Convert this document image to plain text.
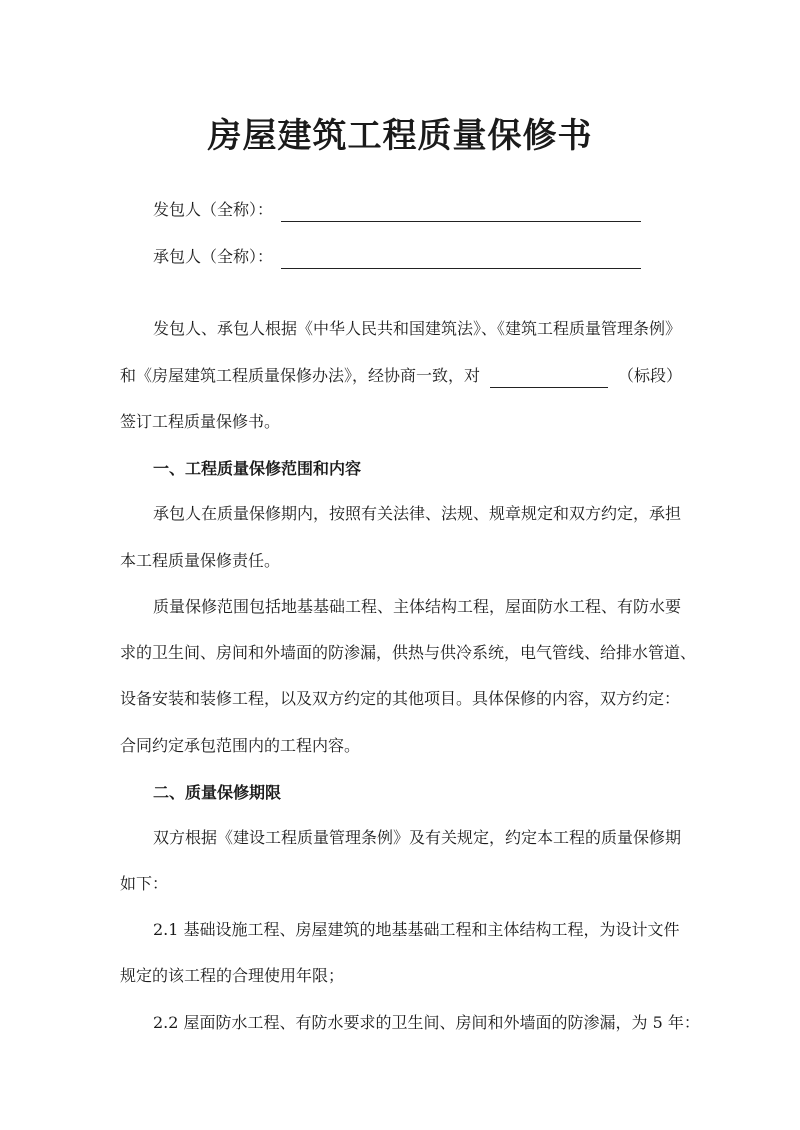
房屋建筑工程质量保修书
发包人（全称）：
承包人（全称）：
发包人、承包人根据《中华人民共和国建筑法》、《建筑工程质量管理条例》
和《房屋建筑工程质量保修办法》，经协商一致，对	（标段）
签订工程质量保修书。
一、工程质量保修范围和内容
承包人在质量保修期内，按照有关法律、法规、规章规定和双方约定，承担
本工程质量保修责任。
质量保修范围包括地基基础工程、主体结构工程，屋面防水工程、有防水要
求的卫生间、房间和外墙面的防渗漏，供热与供冷系统，电气管线、给排水管道、
设备安装和装修工程，以及双方约定的其他项目。具体保修的内容，双方约定：
合同约定承包范围内的工程内容。
二、质量保修期限
双方根据《建设工程质量管理条例》及有关规定，约定本工程的质量保修期
如下：
2.1 基础设施工程、房屋建筑的地基基础工程和主体结构工程，为设计文件
规定的该工程的合理使用年限；
2.2 屋面防水工程、有防水要求的卫生间、房间和外墙面的防渗漏，为 5 年：
